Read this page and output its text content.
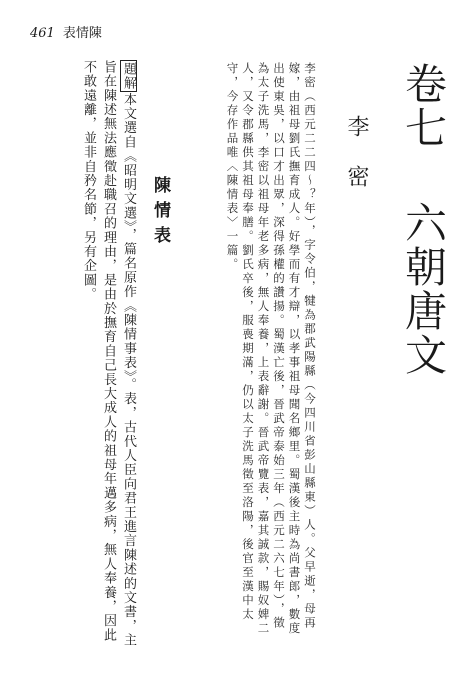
461 表情陳
卷七 六朝唐文
李密

李密（西元二二四～？年），字令伯，犍為郡武陽縣（今四川省彭山縣東）人。父早逝，母再嫁，由祖母劉氏撫育成人。好學而有才辯，以孝事祖母聞名鄉里。蜀漢後主時為尚書郎，數度出使東吳，以口才出眾，深得孫權的讚揚。蜀漢亡後，晉武帝泰始三年（西元二六七年），徵為太子洗馬，李密以祖母年老多病，無人奉養，上表辭謝。晉武帝覽表，嘉其誠款，賜奴婢二人，又令郡縣供其祖母奉膳。劉氏卒後，服喪期滿，仍以太子洗馬徵至洛陽，後官至漢中太守，今存作品唯〈陳情表〉一篇。

陳情表

題解本文選自《昭明文選》，篇名原作《陳情事表》。表，古代人臣向君王進言陳述的文書，主旨在陳述無法應徵赴職召的理由，是由於撫育自己長大成人的祖母年邁多病，無人奉養，因此不敢遠離，並非自矜名節，另有企圖。
